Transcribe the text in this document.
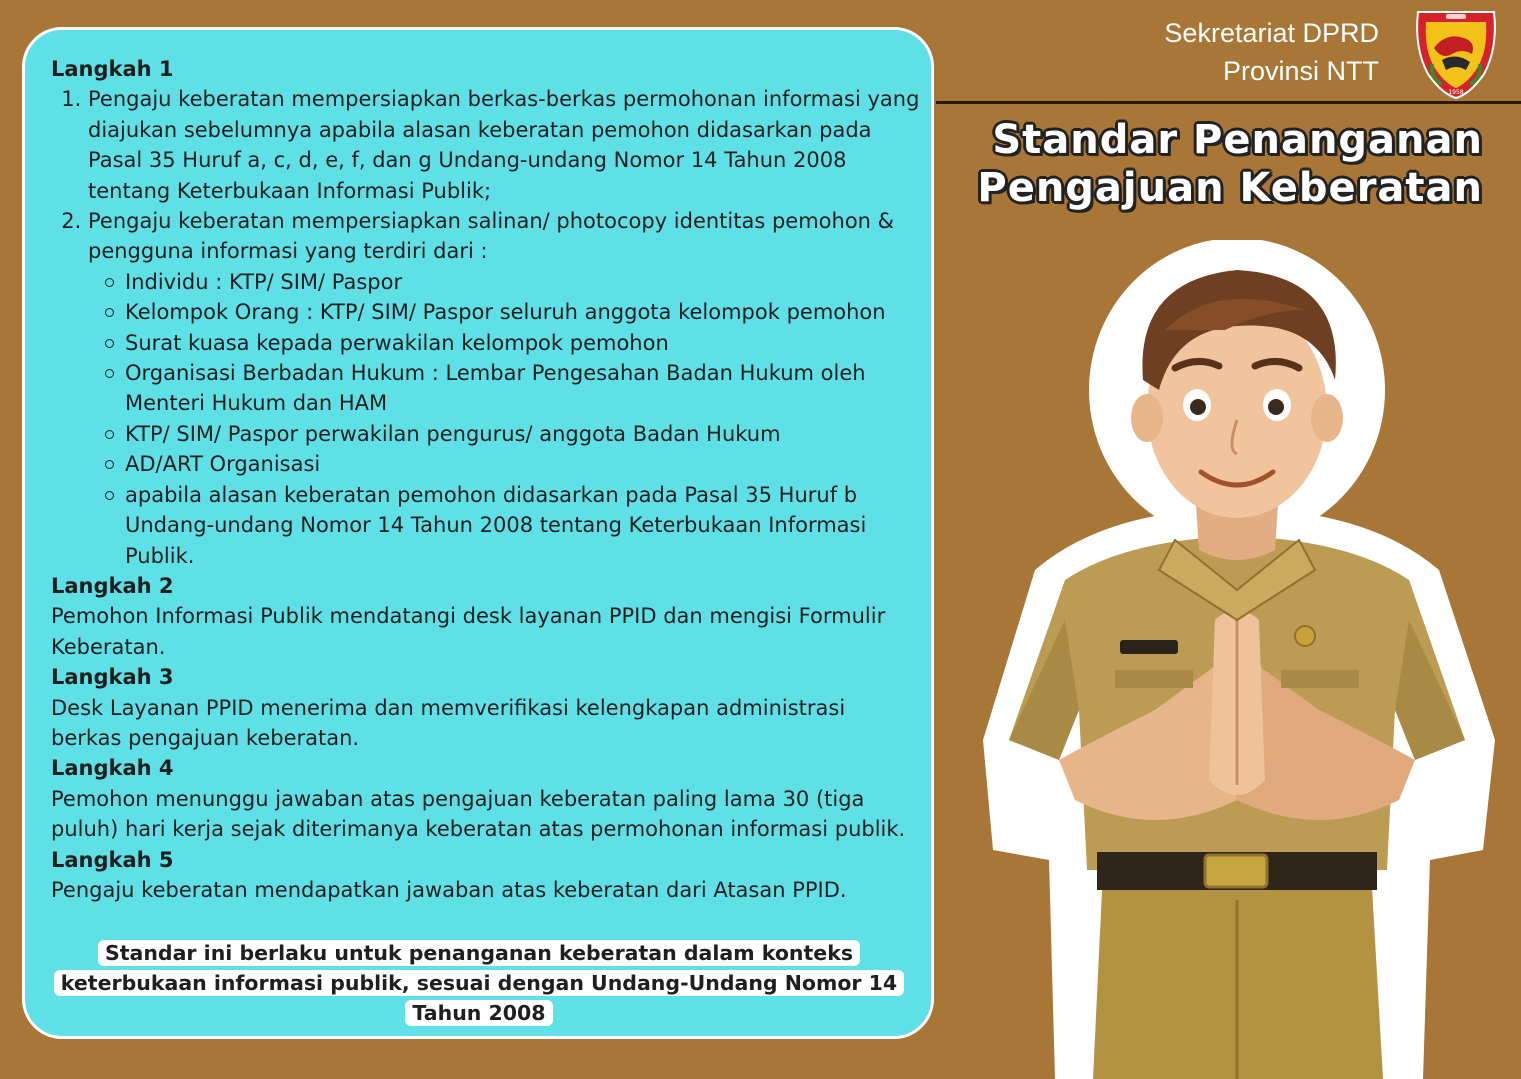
Langkah 1
1. Pengaju keberatan mempersiapkan berkas-berkas permohonan informasi yang diajukan sebelumnya apabila alasan keberatan pemohon didasarkan pada Pasal 35 Huruf a, c, d, e, f, dan g Undang-undang Nomor 14 Tahun 2008 tentang Keterbukaan Informasi Publik;
2. Pengaju keberatan mempersiapkan salinan/ photocopy identitas pemohon & pengguna informasi yang terdiri dari :
Individu : KTP/ SIM/ Paspor
Kelompok Orang : KTP/ SIM/ Paspor seluruh anggota kelompok pemohon
Surat kuasa kepada perwakilan kelompok pemohon
Organisasi Berbadan Hukum : Lembar Pengesahan Badan Hukum oleh Menteri Hukum dan HAM
KTP/ SIM/ Paspor perwakilan pengurus/ anggota Badan Hukum
AD/ART Organisasi
apabila alasan keberatan pemohon didasarkan pada Pasal 35 Huruf b Undang-undang Nomor 14 Tahun 2008 tentang Keterbukaan Informasi Publik.
Langkah 2

Pemohon Informasi Publik mendatangi desk layanan PPID dan mengisi Formulir Keberatan.

Langkah 3

Desk Layanan PPID menerima dan memverifikasi kelengkapan administrasi berkas pengajuan keberatan.

Langkah 4

Pemohon menunggu jawaban atas pengajuan keberatan paling lama 30 (tiga puluh) hari kerja sejak diterimanya keberatan atas permohonan informasi publik.

Langkah 5

Pengaju keberatan mendapatkan jawaban atas keberatan dari Atasan PPID.

Standar ini berlaku untuk penanganan keberatan dalam konteks keterbukaan informasi publik, sesuai dengan Undang-Undang Nomor 14 Tahun 2008
Sekretariat DPRD
Provinsi NTT
1958
Standar Penanganan
Pengajuan Keberatan
